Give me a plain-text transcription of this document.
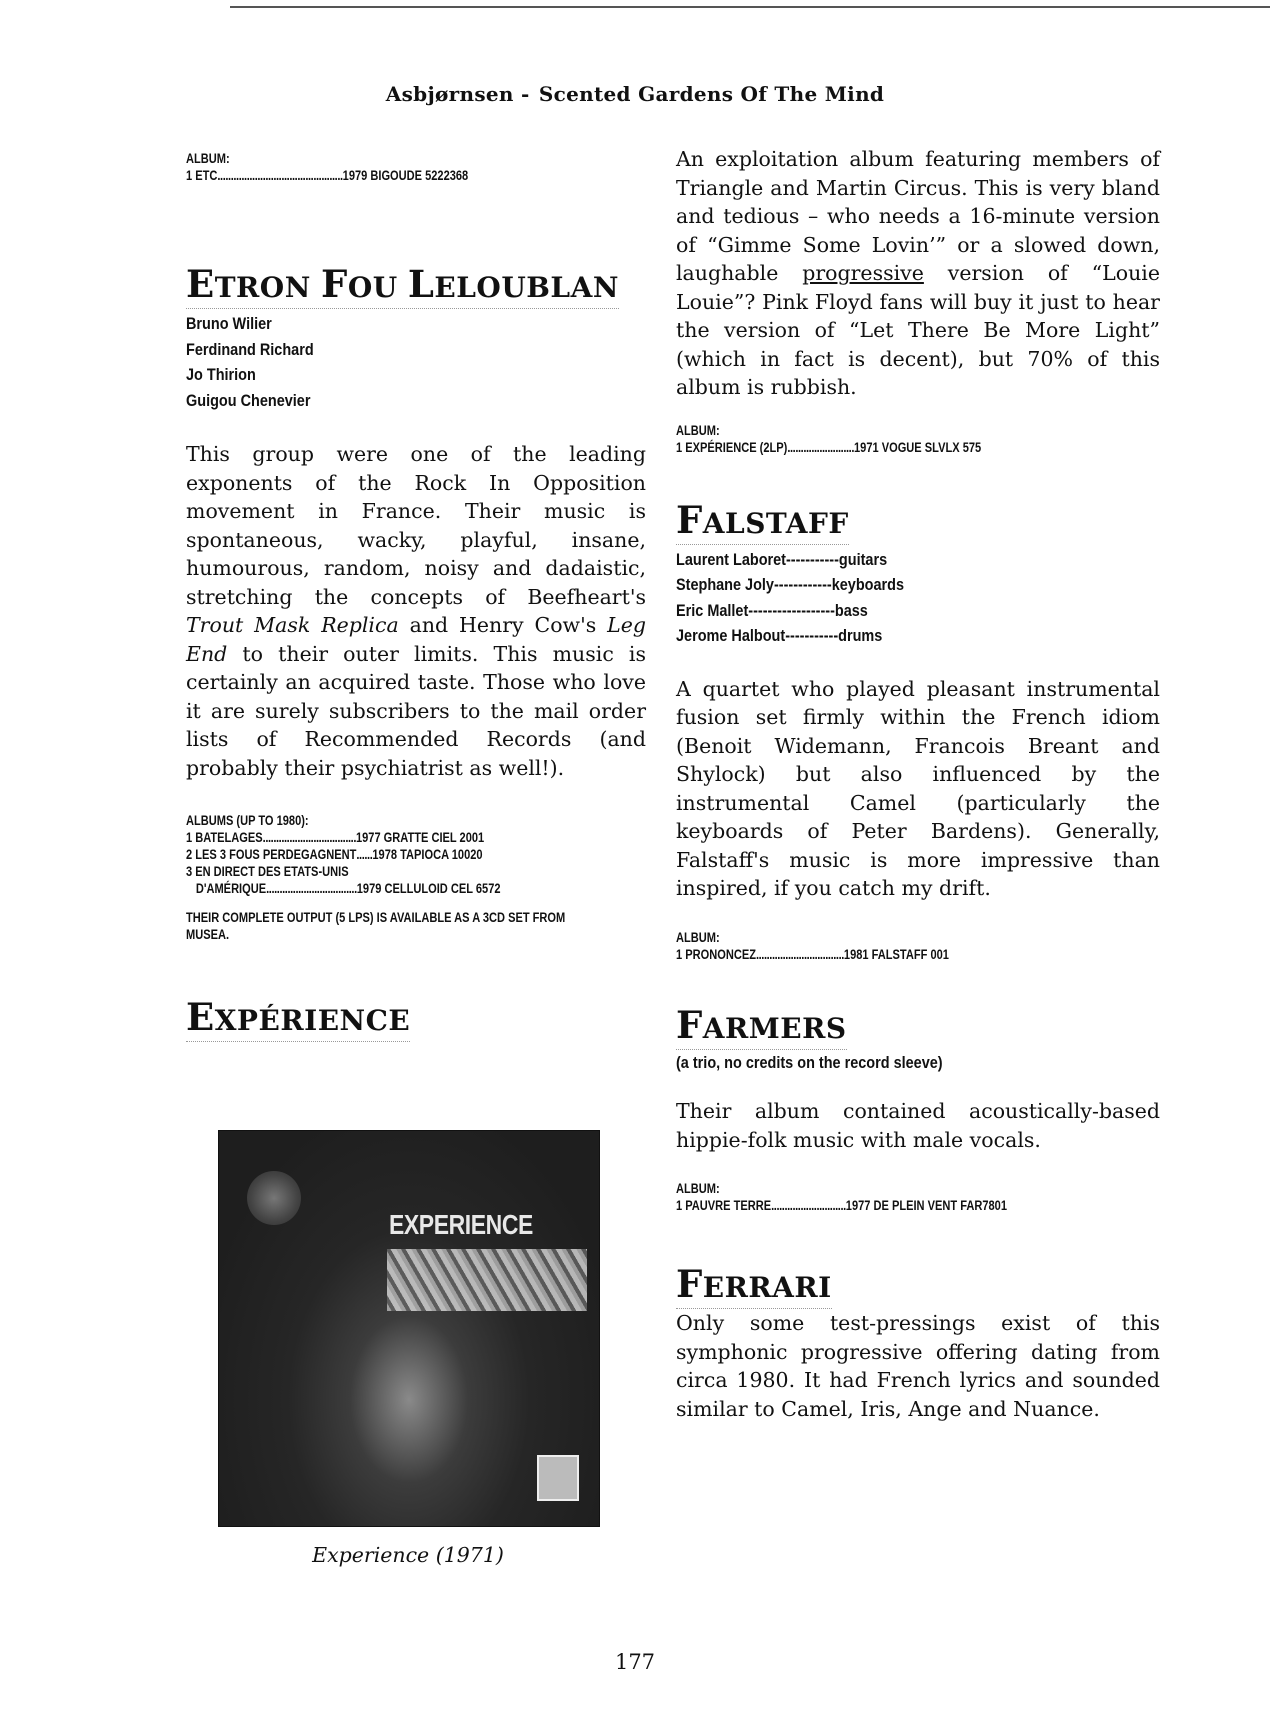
Asbjørnsen - Scented Gardens Of The Mind
ALBUM:
1 ETC...............................................1979 BIGOUDE 5222368
ETRON FOU LELOUBLAN
Bruno Wilier
Ferdinand Richard
Jo Thirion
Guigou Chenevier

This group were one of the leading exponents of the Rock In Opposition movement in France. Their music is spontaneous, wacky, playful, insane, humourous, random, noisy and dadaistic, stretching the concepts of Beefheart's Trout Mask Replica and Henry Cow's Leg End to their outer limits. This music is certainly an acquired taste. Those who love it are surely subscribers to the mail order lists of Recommended Records (and probably their psychiatrist as well!).

ALBUMS (UP TO 1980):
1 BATELAGES...................................1977 GRATTE CIEL 2001
2 LES 3 FOUS PERDEGAGNENT......1978 TAPIOCA 10020
3 EN DIRECT DES ETATS-UNIS
D'AMÉRIQUE..................................1979 CELLULOID CEL 6572
THEIR COMPLETE OUTPUT (5 LPS) IS AVAILABLE AS A 3CD SET FROM MUSEA.
EXPÉRIENCE
EXPERIENCE
Experience (1971)

An exploitation album featuring members of Triangle and Martin Circus. This is very bland and tedious – who needs a 16-minute version of “Gimme Some Lovin’” or a slowed down, laughable progressive version of “Louie Louie”? Pink Floyd fans will buy it just to hear the version of “Let There Be More Light” (which in fact is decent), but 70% of this album is rubbish.

ALBUM:
1 EXPÉRIENCE (2LP).........................1971 VOGUE SLVLX 575
FALSTAFF
Laurent Laboret-----------guitars
Stephane Joly------------keyboards
Eric Mallet------------------bass
Jerome Halbout-----------drums

A quartet who played pleasant instrumental fusion set firmly within the French idiom (Benoit Widemann, Francois Breant and Shylock) but also influenced by the instrumental Camel (particularly the keyboards of Peter Bardens). Generally, Falstaff's music is more impressive than inspired, if you catch my drift.

ALBUM:
1 PRONONCEZ.................................1981 FALSTAFF 001
FARMERS
(a trio, no credits on the record sleeve)

Their album contained acoustically-based hippie-folk music with male vocals.

ALBUM:
1 PAUVRE TERRE............................1977 DE PLEIN VENT FAR7801
FERRARI

Only some test-pressings exist of this symphonic progressive offering dating from circa 1980. It had French lyrics and sounded similar to Camel, Iris, Ange and Nuance.

177
